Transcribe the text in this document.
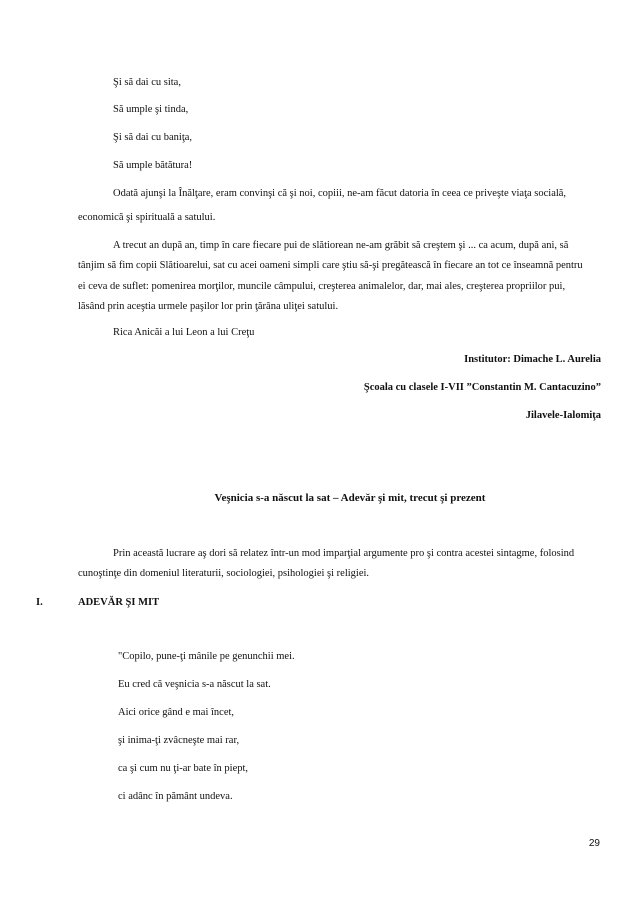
Şi să dai cu sita,
Să umple şi tinda,
Şi să dai cu baniţa,
Să umple bătătura!
Odată ajunşi la Înălţare, eram convinşi că şi noi, copiii, ne-am făcut datoria în ceea ce priveşte viaţa socială,
economică şi spirituală a satului.
A trecut an după an, timp în care fiecare pui de slătiorean ne-am grăbit să creştem şi ... ca acum, după ani, să
tânjim să fim copii Slătioarelui, sat cu acei oameni simpli care ştiu să-şi pregătească în fiecare an tot ce înseamnă pentru
ei ceva de suflet: pomenirea morţilor, muncile câmpului, creşterea animalelor, dar, mai ales, creşterea propriilor pui,
lăsând prin aceştia urmele paşilor lor prin ţărâna uliţei satului.
Rica Anicăi a lui Leon a lui Creţu
Institutor: Dimache L. Aurelia
Şcoala cu clasele I-VII ”Constantin M. Cantacuzino”
Jilavele-Ialomiţa
Veşnicia s-a născut la sat – Adevăr şi mit, trecut şi prezent
Prin această lucrare aş dori să relatez într-un mod imparţial argumente pro şi contra acestei sintagme, folosind
cunoştinţe din domeniul literaturii, sociologiei, psihologiei şi religiei.
I.	ADEVĂR ŞI MIT
"Copilo, pune-ţi mânile pe genunchii mei.
Eu cred că veşnicia s-a născut la sat.
Aici orice gând e mai încet,
şi inima-ţi zvâcneşte mai rar,
ca şi cum nu ţi-ar bate în piept,
ci adânc în pământ undeva.
29
